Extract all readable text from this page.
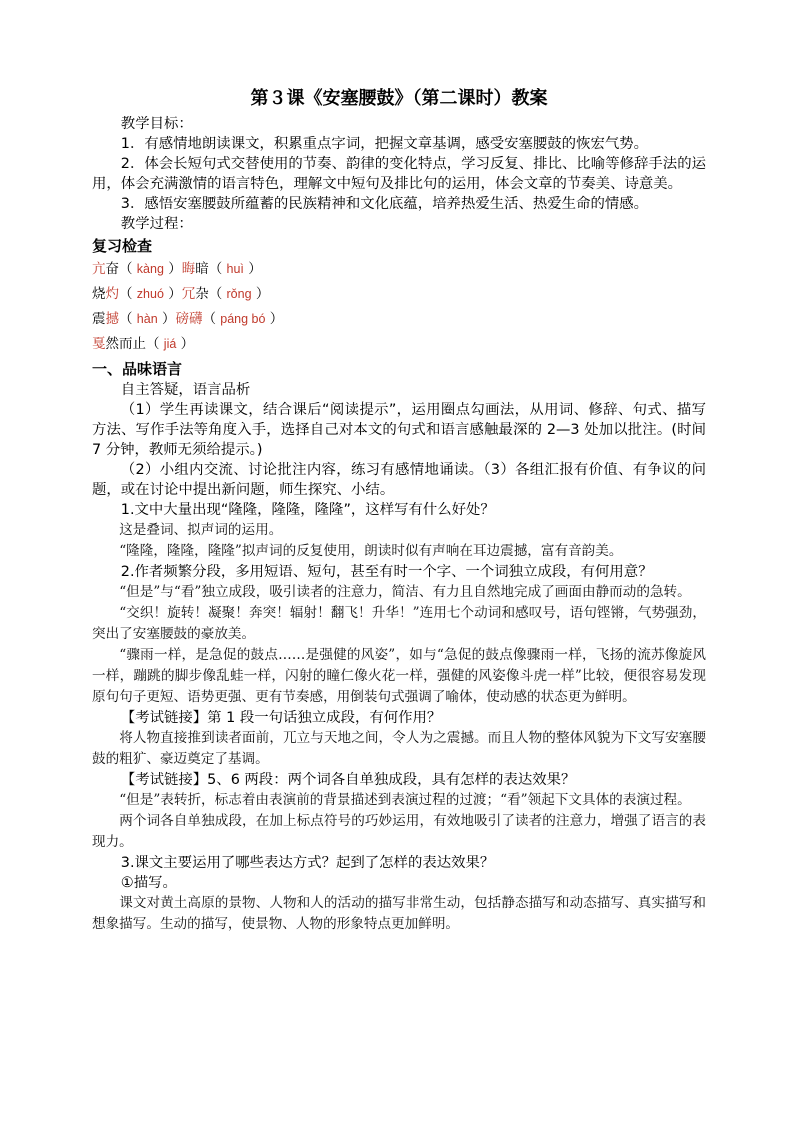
第３课《安塞腰鼓》（第二课时）教案

教学目标：

1．有感情地朗读课文，积累重点字词，把握文章基调，感受安塞腰鼓的恢宏气势。

2．体会长短句式交替使用的节奏、韵律的变化特点，学习反复、排比、比喻等修辞手法的运用，体会充满激情的语言特色，理解文中短句及排比句的运用，体会文章的节奏美、诗意美。

3．感悟安塞腰鼓所蕴蓄的民族精神和文化底蕴，培养热爱生活、热爱生命的情感。

教学过程：

复习检查

亢奋（ kàng ）晦暗（ huì ）

烧灼（ zhuó ）冗杂（ rǒng ）

震撼（ hàn ）磅礴（ páng bó ）

戛然而止（ jiá ）

一、品味语言

自主答疑，语言品析

（1）学生再读课文，结合课后“阅读提示”，运用圈点勾画法，从用词、修辞、句式、描写方法、写作手法等角度入手，选择自己对本文的句式和语言感触最深的 2—3 处加以批注。(时间 7 分钟，教师无须给提示。)

（2）小组内交流、讨论批注内容，练习有感情地诵读。（3）各组汇报有价值、有争议的问题，或在讨论中提出新问题，师生探究、小结。

1.文中大量出现“隆隆，隆隆，隆隆”，这样写有什么好处？

这是叠词、拟声词的运用。

“隆隆，隆隆，隆隆”拟声词的反复使用，朗读时似有声响在耳边震撼，富有音韵美。

2.作者频繁分段，多用短语、短句，甚至有时一个字、一个词独立成段，有何用意？

“但是”与“看”独立成段，吸引读者的注意力，简洁、有力且自然地完成了画面由静而动的急转。

“交织！旋转！凝聚！奔突！辐射！翻飞！升华！”连用七个动词和感叹号，语句铿锵，气势强劲，突出了安塞腰鼓的豪放美。

“骤雨一样，是急促的鼓点……是强健的风姿”，如与“急促的鼓点像骤雨一样，飞扬的流苏像旋风一样，蹦跳的脚步像乱蛙一样，闪射的瞳仁像火花一样，强健的风姿像斗虎一样”比较，便很容易发现原句句子更短、语势更强、更有节奏感，用倒装句式强调了喻体，使动感的状态更为鲜明。

【考试链接】第 1 段一句话独立成段，有何作用？

将人物直接推到读者面前，兀立与天地之间，令人为之震撼。而且人物的整体风貌为下文写安塞腰鼓的粗犷、豪迈奠定了基调。

【考试链接】5、6 两段：两个词各自单独成段，具有怎样的表达效果？

“但是”表转折，标志着由表演前的背景描述到表演过程的过渡；“看”领起下文具体的表演过程。

两个词各自单独成段，在加上标点符号的巧妙运用，有效地吸引了读者的注意力，增强了语言的表现力。

3.课文主要运用了哪些表达方式？起到了怎样的表达效果？

①描写。

课文对黄土高原的景物、人物和人的活动的描写非常生动，包括静态描写和动态描写、真实描写和想象描写。生动的描写，使景物、人物的形象特点更加鲜明。
